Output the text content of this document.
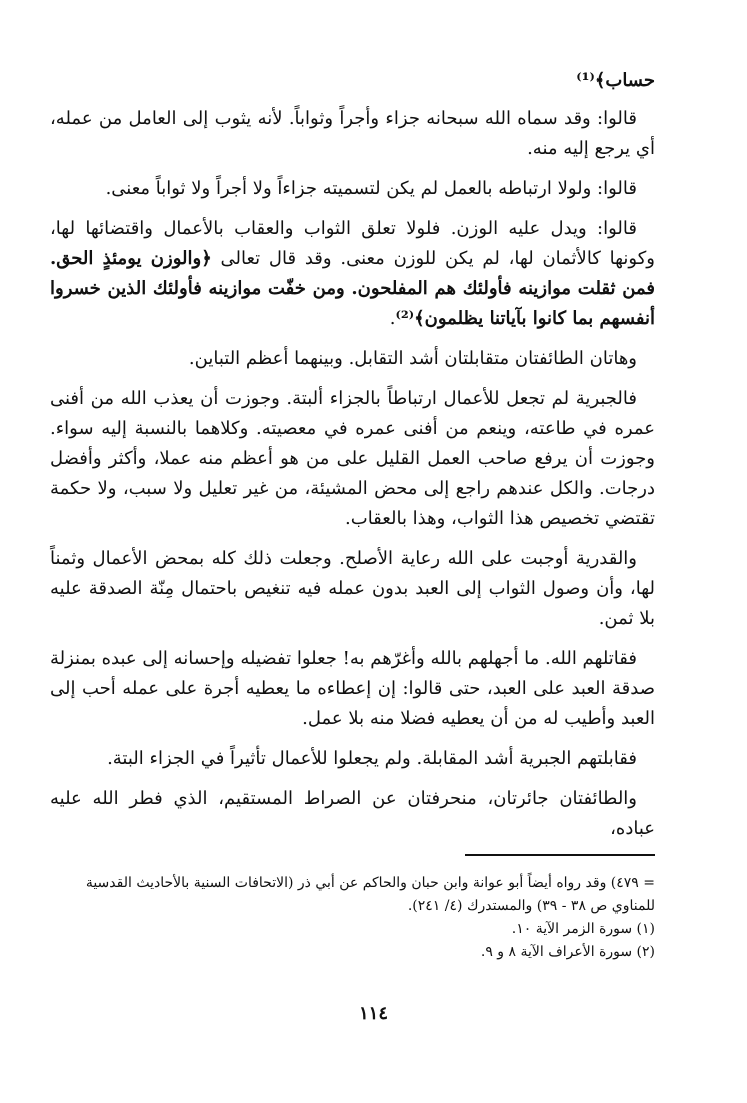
حساب﴾⁽¹⁾

قالوا: وقد سماه الله سبحانه جزاء وأجراً وثواباً. لأنه يثوب إلى العامل من عمله، أي يرجع إليه منه.

قالوا: ولولا ارتباطه بالعمل لم يكن لتسميته جزاءاً ولا أجراً ولا ثواباً معنى.

قالوا: ويدل عليه الوزن. فلولا تعلق الثواب والعقاب بالأعمال واقتضائها لها، وكونها كالأثمان لها، لم يكن للوزن معنى. وقد قال تعالى ﴿والوزن يومئذٍ الحق. فمن ثقلت موازينه فأولئك هم المفلحون. ومن خفّت موازينه فأولئك الذين خسروا أنفسهم بما كانوا بآياتنا يظلمون﴾⁽²⁾.

وهاتان الطائفتان متقابلتان أشد التقابل. وبينهما أعظم التباين.

فالجبرية لم تجعل للأعمال ارتباطاً بالجزاء ألبتة. وجوزت أن يعذب الله من أفنى عمره في طاعته، وينعم من أفنى عمره في معصيته. وكلاهما بالنسبة إليه سواء. وجوزت أن يرفع صاحب العمل القليل على من هو أعظم منه عملا، وأكثر وأفضل درجات. والكل عندهم راجع إلى محض المشيئة، من غير تعليل ولا سبب، ولا حكمة تقتضي تخصيص هذا الثواب، وهذا بالعقاب.

والقدرية أوجبت على الله رعاية الأصلح. وجعلت ذلك كله بمحض الأعمال وثمناً لها، وأن وصول الثواب إلى العبد بدون عمله فيه تنغيص باحتمال مِنّة الصدقة عليه بلا ثمن.

فقاتلهم الله. ما أجهلهم بالله وأغرّهم به! جعلوا تفضيله وإحسانه إلى عبده بمنزلة صدقة العبد على العبد، حتى قالوا: إن إعطاءه ما يعطيه أجرة على عمله أحب إلى العبد وأطيب له من أن يعطيه فضلا منه بلا عمل.

فقابلتهم الجبرية أشد المقابلة. ولم يجعلوا للأعمال تأثيراً في الجزاء البتة.

والطائفتان جائرتان، منحرفتان عن الصراط المستقيم، الذي فطر الله عليه عباده،

= ٤٧٩) وقد رواه أيضاً أبو عوانة وابن حبان والحاكم عن أبي ذر (الاتحافات السنية بالأحاديث القدسية للمناوي ص ٣٨ - ٣٩) والمستدرك (٤/ ٢٤١).

(١) سورة الزمر الآية ١٠.

(٢) سورة الأعراف الآية ٨ و ٩.

١١٤
